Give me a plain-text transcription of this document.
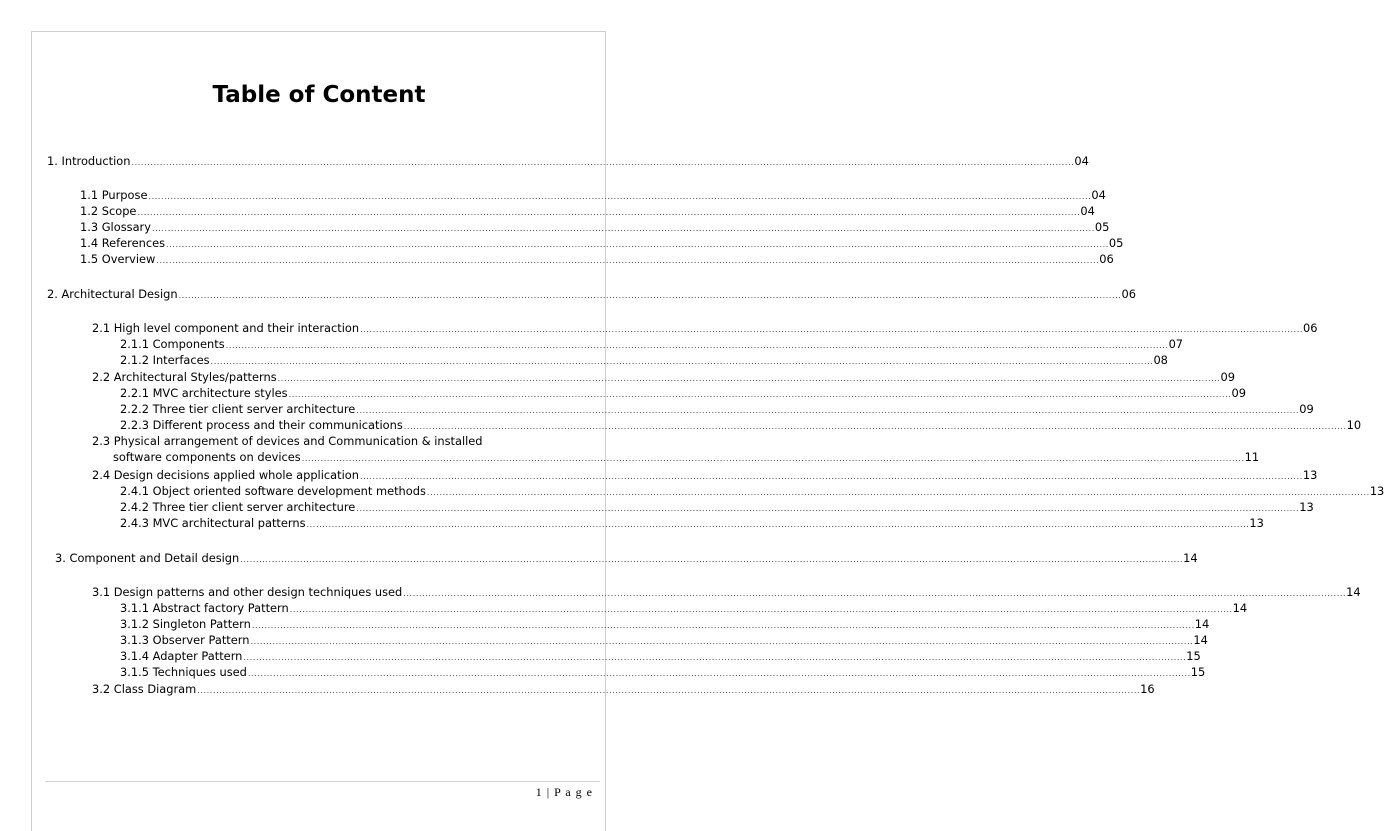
Table of Content
1. Introduction ............................................................................................................................................................................................................................................................................................................ 04
1.1 Purpose ............................................................................................................................................................................................................................................................................................................ 04
1.2 Scope ............................................................................................................................................................................................................................................................................................................ 04
1.3 Glossary ............................................................................................................................................................................................................................................................................................................ 05
1.4 References ............................................................................................................................................................................................................................................................................................................ 05
1.5 Overview ............................................................................................................................................................................................................................................................................................................ 06
2. Architectural Design ............................................................................................................................................................................................................................................................................................................ 06
2.1 High level component and their interaction ............................................................................................................................................................................................................................................................................................................ 06
2.1.1 Components ............................................................................................................................................................................................................................................................................................................ 07
2.1.2 Interfaces ............................................................................................................................................................................................................................................................................................................ 08
2.2 Architectural Styles/patterns ............................................................................................................................................................................................................................................................................................................ 09
2.2.1 MVC architecture styles ............................................................................................................................................................................................................................................................................................................ 09
2.2.2 Three tier client server architecture ............................................................................................................................................................................................................................................................................................................ 09
2.2.3 Different process and their communications ............................................................................................................................................................................................................................................................................................................ 10
2.3 Physical arrangement of devices and Communication & installed
software components on devices ............................................................................................................................................................................................................................................................................................................ 11
2.4 Design decisions applied whole application ............................................................................................................................................................................................................................................................................................................ 13
2.4.1 Object oriented software development methods ............................................................................................................................................................................................................................................................................................................ 13
2.4.2 Three tier client server architecture ............................................................................................................................................................................................................................................................................................................ 13
2.4.3 MVC architectural patterns ............................................................................................................................................................................................................................................................................................................ 13
3. Component and Detail design ............................................................................................................................................................................................................................................................................................................ 14
3.1 Design patterns and other design techniques used ............................................................................................................................................................................................................................................................................................................ 14
3.1.1 Abstract factory Pattern ............................................................................................................................................................................................................................................................................................................ 14
3.1.2 Singleton Pattern ............................................................................................................................................................................................................................................................................................................ 14
3.1.3 Observer Pattern ............................................................................................................................................................................................................................................................................................................ 14
3.1.4 Adapter Pattern ............................................................................................................................................................................................................................................................................................................ 15
3.1.5 Techniques used ............................................................................................................................................................................................................................................................................................................ 15
3.2 Class Diagram ............................................................................................................................................................................................................................................................................................................ 16
1 | P a g e
